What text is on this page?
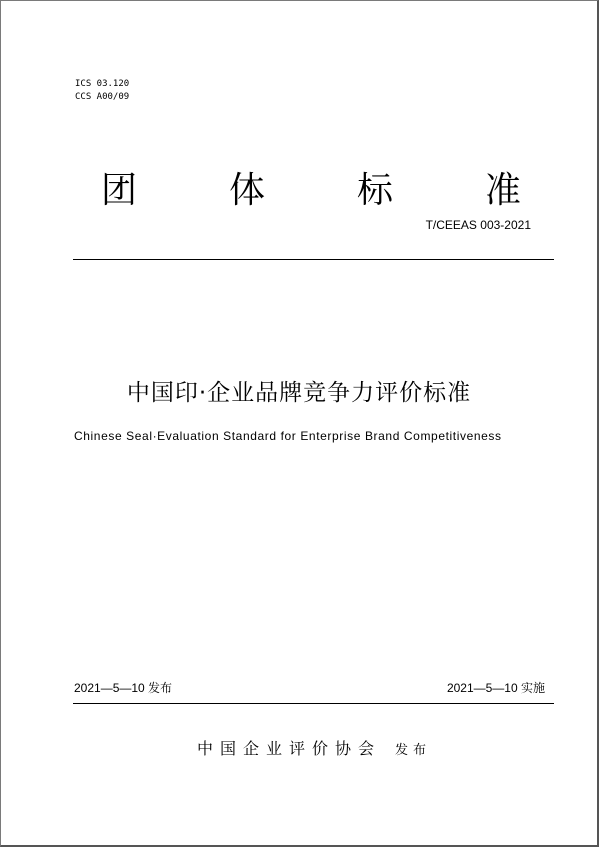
ICS 03.120
CCS A00/09
团	体	标	准
T/CEEAS 003-2021
中国印·企业品牌竞争力评价标准
Chinese Seal·Evaluation Standard for Enterprise Brand Competitiveness
2021—5—10 发布	2021—5—10 实施
中国企业评价协会 发布
